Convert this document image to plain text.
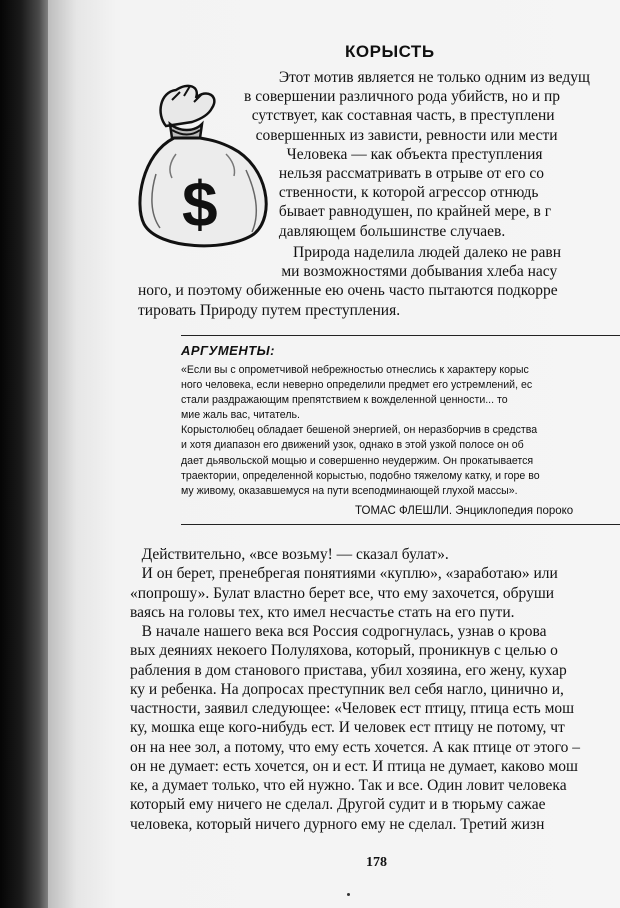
КОРЫСТЬ
$
Этот мотив является не только одним из ведущ
в совершении различного рода убийств, но и пр
сутствует, как составная часть, в преступлени
совершенных из зависти, ревности или мести
Человека — как объекта преступления
нельзя рассматривать в отрыве от его со
ственности, к которой агрессор отнюдь
бывает равнодушен, по крайней мере, в г
давляющем большинстве случаев.
Природа наделила людей далеко не равн
ми возможностями добывания хлеба насу
ного, и поэтому обиженные ею очень часто пытаются подкорре
тировать Природу путем преступления.
АРГУМЕНТЫ:
«Если вы с опрометчивой небрежностью отнеслись к характеру корыс
ного человека, если неверно определили предмет его устремлений, ес
стали раздражающим препятствием к вожделенной ценности... то
мие жаль вас, читатель.
Корыстолюбец обладает бешеной энергией, он неразборчив в средства
и хотя диапазон его движений узок, однако в этой узкой полосе он об
дает дьявольской мощью и совершенно неудержим. Он прокатывается
траектории, определенной корыстью, подобно тяжелому катку, и горе во
му живому, оказавшемуся на пути всеподминающей глухой массы».
ТОМАС ФЛЕШЛИ. Энциклопедия пороко
Действительно, «все возьму! — сказал булат».
И он берет, пренебрегая понятиями «куплю», «заработаю» или
«попрошу». Булат властно берет все, что ему захочется, обруши
ваясь на головы тех, кто имел несчастье стать на его пути.
В начале нашего века вся Россия содрогнулась, узнав о крова
вых деяниях некоего Полуляхова, который, проникнув с целью о
рабления в дом станового пристава, убил хозяина, его жену, кухар
ку и ребенка. На допросах преступник вел себя нагло, цинично и,
частности, заявил следующее: «Человек ест птицу, птица есть мош
ку, мошка еще кого-нибудь ест. И человек ест птицу не потому, чт
он на нее зол, а потому, что ему есть хочется. А как птице от этого –
он не думает: есть хочется, он и ест. И птица не думает, каково мош
ке, а думает только, что ей нужно. Так и все. Один ловит человека
который ему ничего не сделал. Другой судит и в тюрьму сажае
человека, который ничего дурного ему не сделал. Третий жизн
178
